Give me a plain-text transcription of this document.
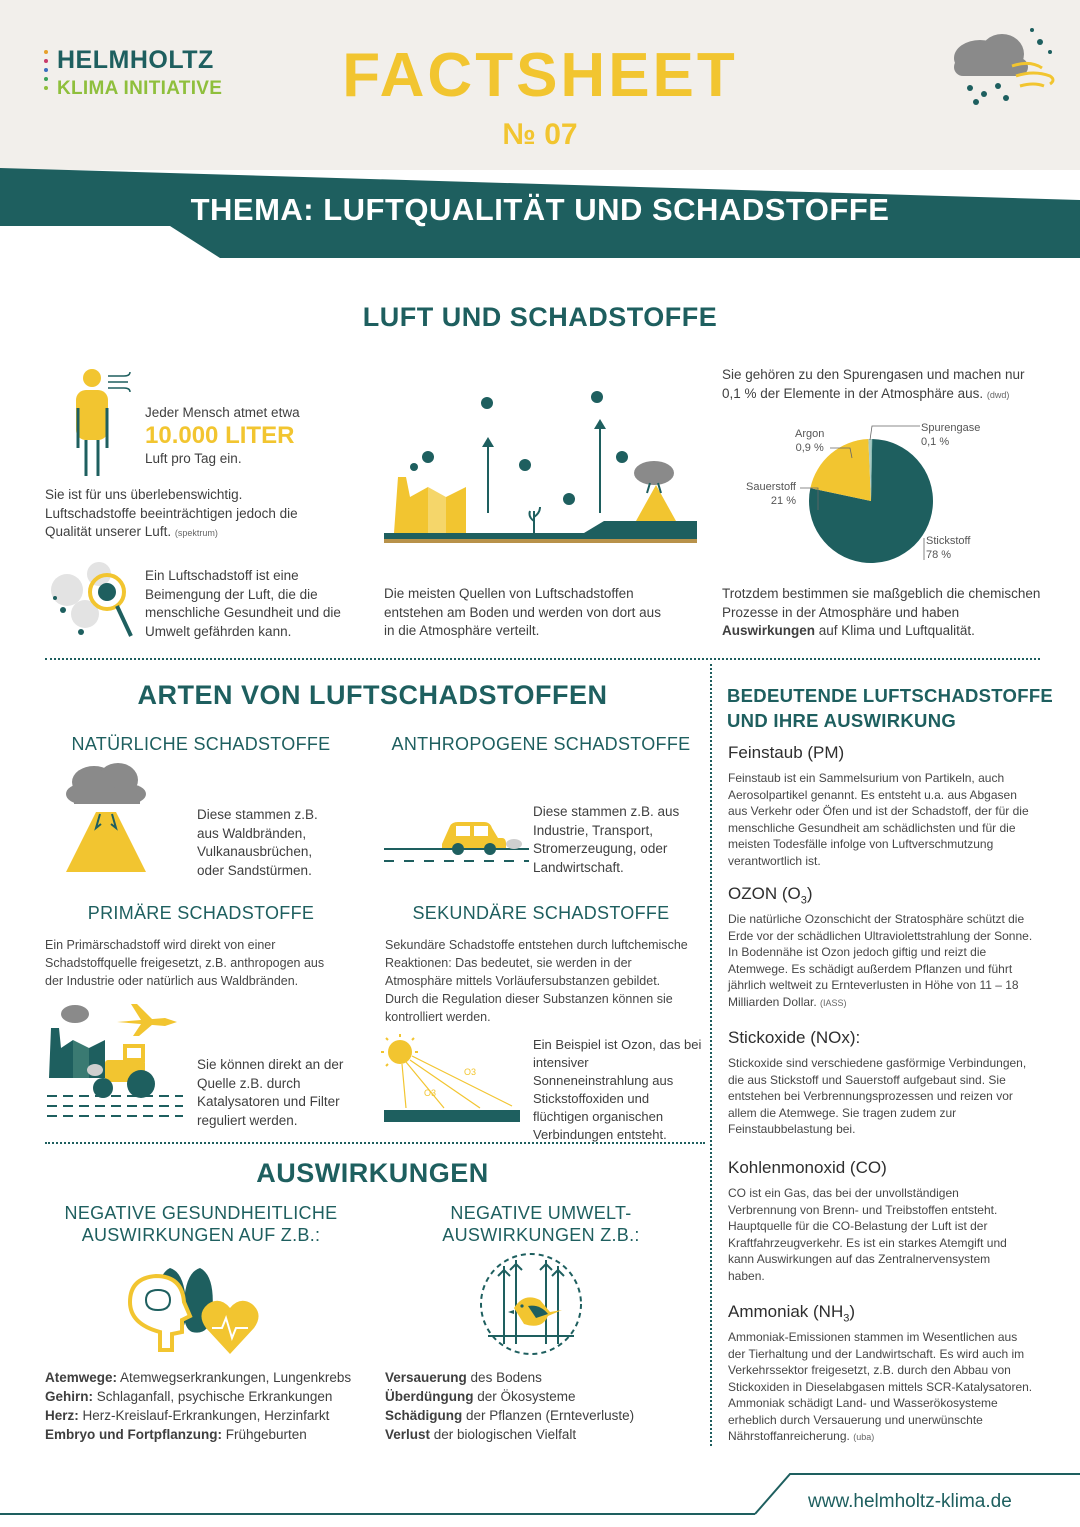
HELMHOLTZ
KLIMA INITIATIVE	FACTSHEET
№ 07
THEMA: LUFTQUALITÄT UND SCHADSTOFFE
LUFT UND SCHADSTOFFE
Jeder Mensch atmet etwa
10.000 LITER
Luft pro Tag ein.
Sie ist für uns überlebenswichtig. Luftschadstoffe beeinträchtigen jedoch die Qualität unserer Luft. (spektrum)
Ein Luftschadstoff ist eine Beimengung der Luft, die die menschliche Gesundheit und die Umwelt gefährden kann.
Die meisten Quellen von Luftschadstoffen entstehen am Boden und werden von dort aus in die Atmosphäre verteilt.
Sie gehören zu den Spurengasen und machen nur 0,1 % der Elemente in der Atmosphäre aus. (dwd)
Argon
0,9 %
Spurengase
0,1 %
Sauerstoff
21 %
Stickstoff
78 %
Trotzdem bestimmen sie maßgeblich die chemischen Prozesse in der Atmosphäre und haben Auswirkungen auf Klima und Luftqualität.
ARTEN VON LUFTSCHADSTOFFEN
NATÜRLICHE SCHADSTOFFE	ANTHROPOGENE SCHADSTOFFE
Diese stammen z.B. aus Waldbränden, Vulkanausbrüchen, oder Sandstürmen.
Diese stammen z.B. aus Industrie, Transport, Stromerzeugung, oder Landwirtschaft.
PRIMÄRE SCHADSTOFFE	SEKUNDÄRE SCHADSTOFFE
Ein Primärschadstoff wird direkt von einer Schadstoffquelle freigesetzt, z.B. anthropogen aus der Industrie oder natürlich aus Waldbränden.
Sekundäre Schadstoffe entstehen durch luftchemische Reaktionen: Das bedeutet, sie werden in der Atmosphäre mittels Vorläufersubstanzen gebildet. Durch die Regulation dieser Substanzen können sie kontrolliert werden.
Sie können direkt an der Quelle z.B. durch Katalysatoren und Filter reguliert werden.
O3
O3
Ein Beispiel ist Ozon, das bei intensiver Sonneneinstrahlung aus Stickstoffoxiden und flüchtigen organischen Verbindungen entsteht.
AUSWIRKUNGEN
NEGATIVE GESUNDHEITLICHE
AUSWIRKUNGEN AUF Z.B.:
NEGATIVE UMWELT-
AUSWIRKUNGEN Z.B.:
Atemwege: Atemwegserkrankungen, Lungenkrebs
Gehirn: Schlaganfall, psychische Erkrankungen
Herz: Herz-Kreislauf-Erkrankungen, Herzinfarkt
Embryo und Fortpflanzung: Frühgeburten
Versauerung des Bodens
Überdüngung der Ökosysteme
Schädigung der Pflanzen (Ernteverluste)
Verlust der biologischen Vielfalt
BEDEUTENDE LUFTSCHADSTOFFE
UND IHRE AUSWIRKUNG
Feinstaub (PM)
Feinstaub ist ein Sammelsurium von Partikeln, auch Aerosolpartikel genannt. Es entsteht u.a. aus Abgasen aus Verkehr oder Öfen und ist der Schadstoff, der für die menschliche Gesundheit am schädlichsten und für die meisten Todesfälle infolge von Luftverschmutzung verantwortlich ist.
OZON $(O_3)$
Die natürliche Ozonschicht der Stratosphäre schützt die Erde vor der schädlichen Ultraviolettstrahlung der Sonne. In Bodennähe ist Ozon jedoch giftig und reizt die Atemwege. Es schädigt außerdem Pflanzen und führt jährlich weltweit zu Ernteverlusten in Höhe von 11 – 18 Milliarden Dollar. (IASS)
Stickoxide (NOx):
Stickoxide sind verschiedene gasförmige Verbindungen, die aus Stickstoff und Sauerstoff aufgebaut sind. Sie entstehen bei Verbrennungsprozessen und reizen vor allem die Atemwege. Sie tragen zudem zur Feinstaubbelastung bei.
Kohlenmonoxid (CO)
CO ist ein Gas, das bei der unvollständigen Verbrennung von Brenn- und Treibstoffen entsteht. Hauptquelle für die CO-Belastung der Luft ist der Kraftfahrzeugverkehr. Es ist ein starkes Atemgift und kann Auswirkungen auf das Zentralnervensystem haben.
Ammoniak $(NH_3)$
Ammoniak-Emissionen stammen im Wesentlichen aus der Tierhaltung und der Landwirtschaft. Es wird auch im Verkehrssektor freigesetzt, z.B. durch den Abbau von Stickoxiden in Dieselabgasen mittels SCR-Katalysatoren. Ammoniak schädigt Land- und Wasserökosysteme erheblich durch Versauerung und unerwünschte Nährstoffanreicherung. (uba)
www.helmholtz-klima.de
